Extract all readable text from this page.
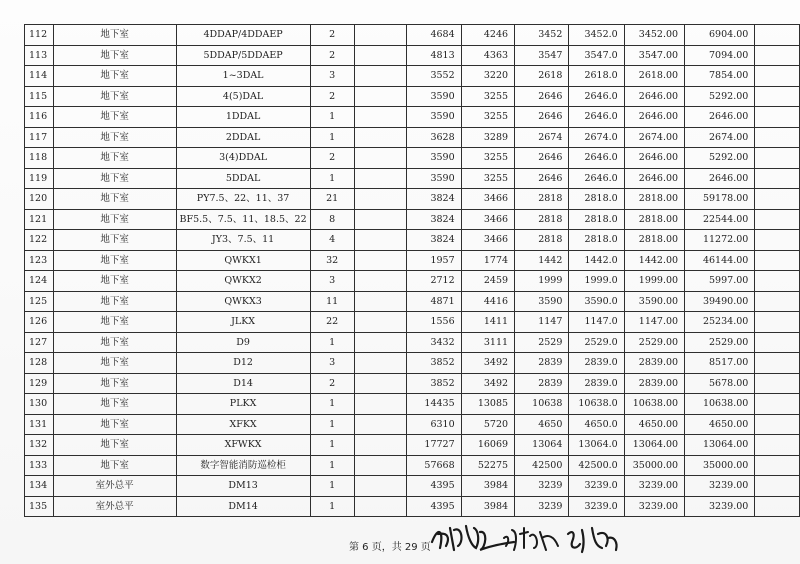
112	地下室	4DDAP/4DDAEP	2		4684	4246	3452	3452.0	3452.00	6904.00	
113	地下室	5DDAP/5DDAEP	2		4813	4363	3547	3547.0	3547.00	7094.00	
114	地下室	1~3DAL	3		3552	3220	2618	2618.0	2618.00	7854.00	
115	地下室	4(5)DAL	2		3590	3255	2646	2646.0	2646.00	5292.00	
116	地下室	1DDAL	1		3590	3255	2646	2646.0	2646.00	2646.00	
117	地下室	2DDAL	1		3628	3289	2674	2674.0	2674.00	2674.00	
118	地下室	3(4)DDAL	2		3590	3255	2646	2646.0	2646.00	5292.00	
119	地下室	5DDAL	1		3590	3255	2646	2646.0	2646.00	2646.00	
120	地下室	PY7.5、22、11、37	21		3824	3466	2818	2818.0	2818.00	59178.00	
121	地下室	BF5.5、7.5、11、18.5、22	8		3824	3466	2818	2818.0	2818.00	22544.00	
122	地下室	JY3、7.5、11	4		3824	3466	2818	2818.0	2818.00	11272.00	
123	地下室	QWKX1	32		1957	1774	1442	1442.0	1442.00	46144.00	
124	地下室	QWKX2	3		2712	2459	1999	1999.0	1999.00	5997.00	
125	地下室	QWKX3	11		4871	4416	3590	3590.0	3590.00	39490.00	
126	地下室	JLKX	22		1556	1411	1147	1147.0	1147.00	25234.00	
127	地下室	D9	1		3432	3111	2529	2529.0	2529.00	2529.00	
128	地下室	D12	3		3852	3492	2839	2839.0	2839.00	8517.00	
129	地下室	D14	2		3852	3492	2839	2839.0	2839.00	5678.00	
130	地下室	PLKX	1		14435	13085	10638	10638.0	10638.00	10638.00	
131	地下室	XFKX	1		6310	5720	4650	4650.0	4650.00	4650.00	
132	地下室	XFWKX	1		17727	16069	13064	13064.0	13064.00	13064.00	
133	地下室	数字智能消防巡检柜	1		57668	52275	42500	42500.0	35000.00	35000.00	
134	室外总平	DM13	1		4395	3984	3239	3239.0	3239.00	3239.00	
135	室外总平	DM14	1		4395	3984	3239	3239.0	3239.00	3239.00	
第 6 页，共 29 页
